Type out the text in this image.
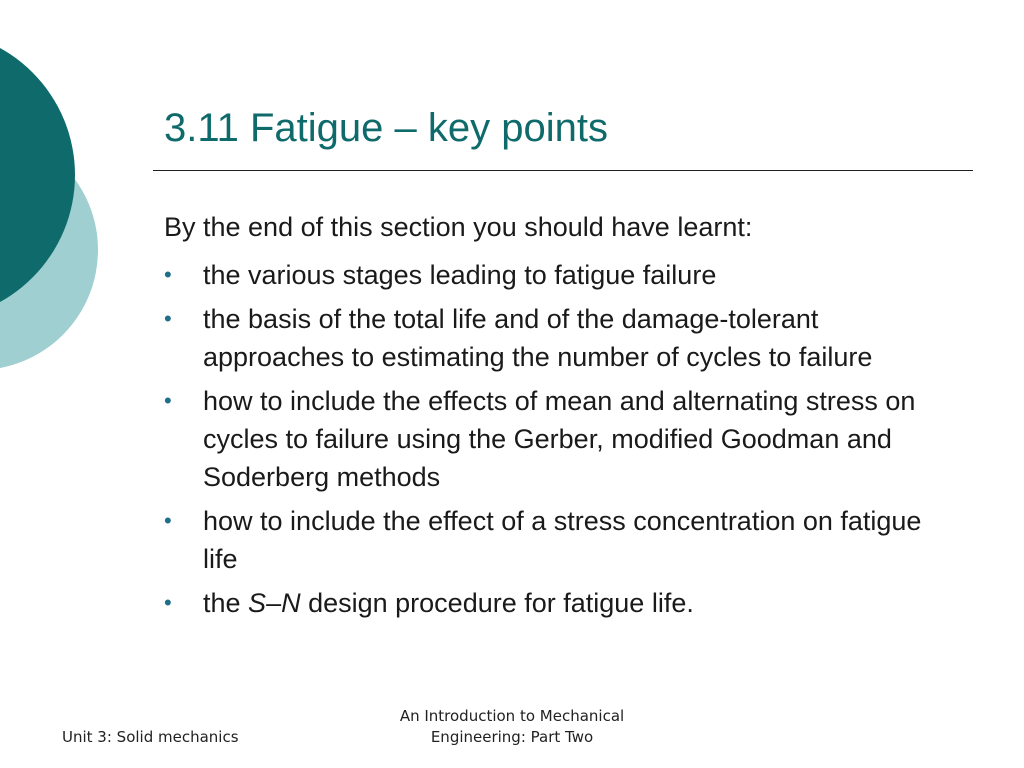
3.11 Fatigue – key points
By the end of this section you should have learnt:
• the various stages leading to fatigue failure
• the basis of the total life and of the damage-tolerant approaches to estimating the number of cycles to failure
• how to include the effects of mean and alternating stress on cycles to failure using the Gerber, modified Goodman and Soderberg methods
• how to include the effect of a stress concentration on fatigue life
• the S–N design procedure for fatigue life.
Unit 3: Solid mechanics
An Introduction to Mechanical
Engineering: Part Two
